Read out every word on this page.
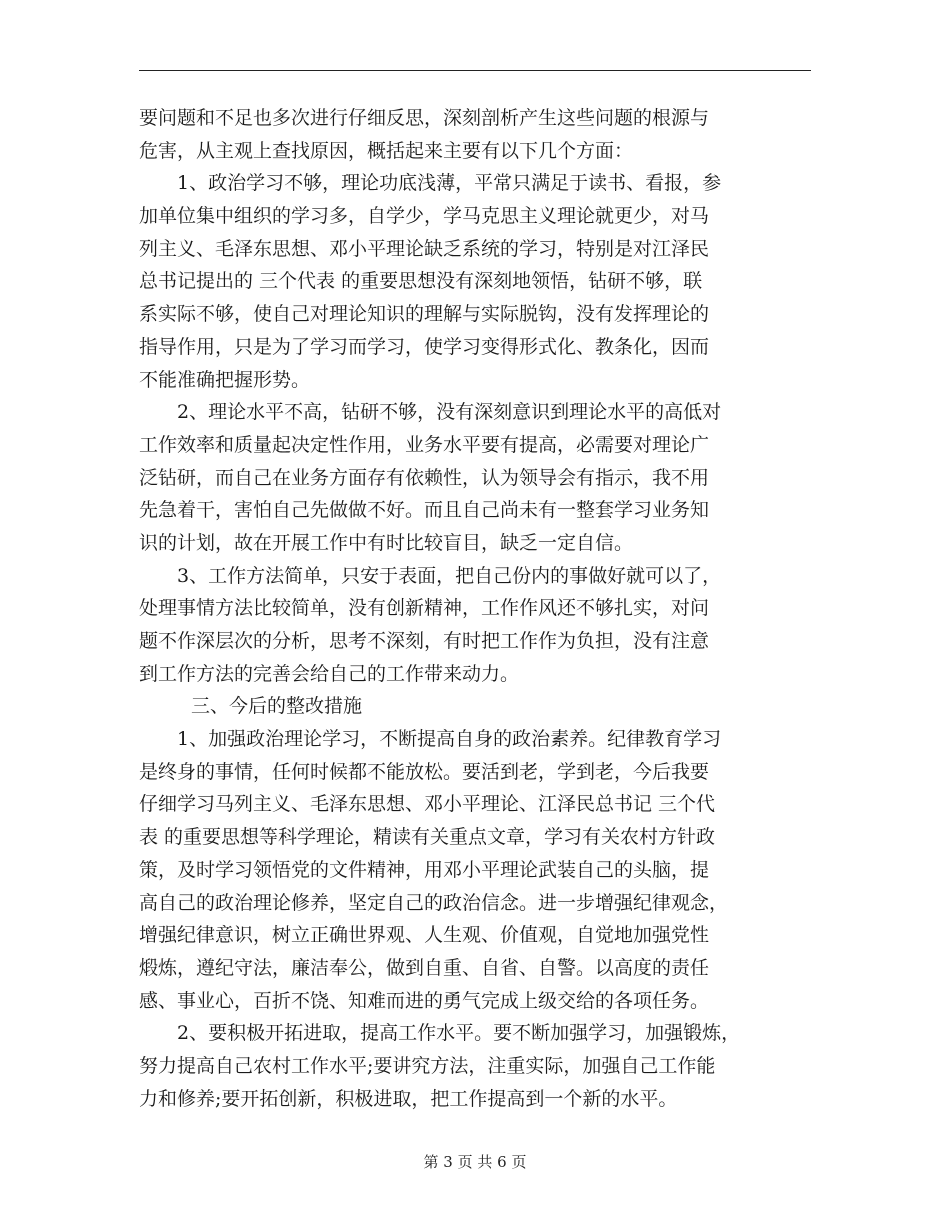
要问题和不足也多次进行仔细反思，深刻剖析产生这些问题的根源与
危害，从主观上查找原因，概括起来主要有以下几个方面：
1、政治学习不够，理论功底浅薄，平常只满足于读书、看报，参
加单位集中组织的学习多，自学少，学马克思主义理论就更少，对马
列主义、毛泽东思想、邓小平理论缺乏系统的学习，特别是对江泽民
总书记提出的 三个代表 的重要思想没有深刻地领悟，钻研不够，联
系实际不够，使自己对理论知识的理解与实际脱钩，没有发挥理论的
指导作用，只是为了学习而学习，使学习变得形式化、教条化，因而
不能准确把握形势。
2、理论水平不高，钻研不够，没有深刻意识到理论水平的高低对
工作效率和质量起决定性作用，业务水平要有提高，必需要对理论广
泛钻研，而自己在业务方面存有依赖性，认为领导会有指示，我不用
先急着干，害怕自己先做做不好。而且自己尚未有一整套学习业务知
识的计划，故在开展工作中有时比较盲目，缺乏一定自信。
3、工作方法简单，只安于表面，把自己份内的事做好就可以了，
处理事情方法比较简单，没有创新精神，工作作风还不够扎实，对问
题不作深层次的分析，思考不深刻，有时把工作作为负担，没有注意
到工作方法的完善会给自己的工作带来动力。
三、今后的整改措施
1、加强政治理论学习，不断提高自身的政治素养。纪律教育学习
是终身的事情，任何时候都不能放松。要活到老，学到老，今后我要
仔细学习马列主义、毛泽东思想、邓小平理论、江泽民总书记 三个代
表 的重要思想等科学理论，精读有关重点文章，学习有关农村方针政
策，及时学习领悟党的文件精神，用邓小平理论武装自己的头脑，提
高自己的政治理论修养，坚定自己的政治信念。进一步增强纪律观念，
增强纪律意识，树立正确世界观、人生观、价值观，自觉地加强党性
煅炼，遵纪守法，廉洁奉公，做到自重、自省、自警。以高度的责任
感、事业心，百折不饶、知难而进的勇气完成上级交给的各项任务。
2、要积极开拓进取，提高工作水平。要不断加强学习，加强锻炼，
努力提高自己农村工作水平;要讲究方法，注重实际，加强自己工作能
力和修养;要开拓创新，积极进取，把工作提高到一个新的水平。
第 3 页 共 6 页
